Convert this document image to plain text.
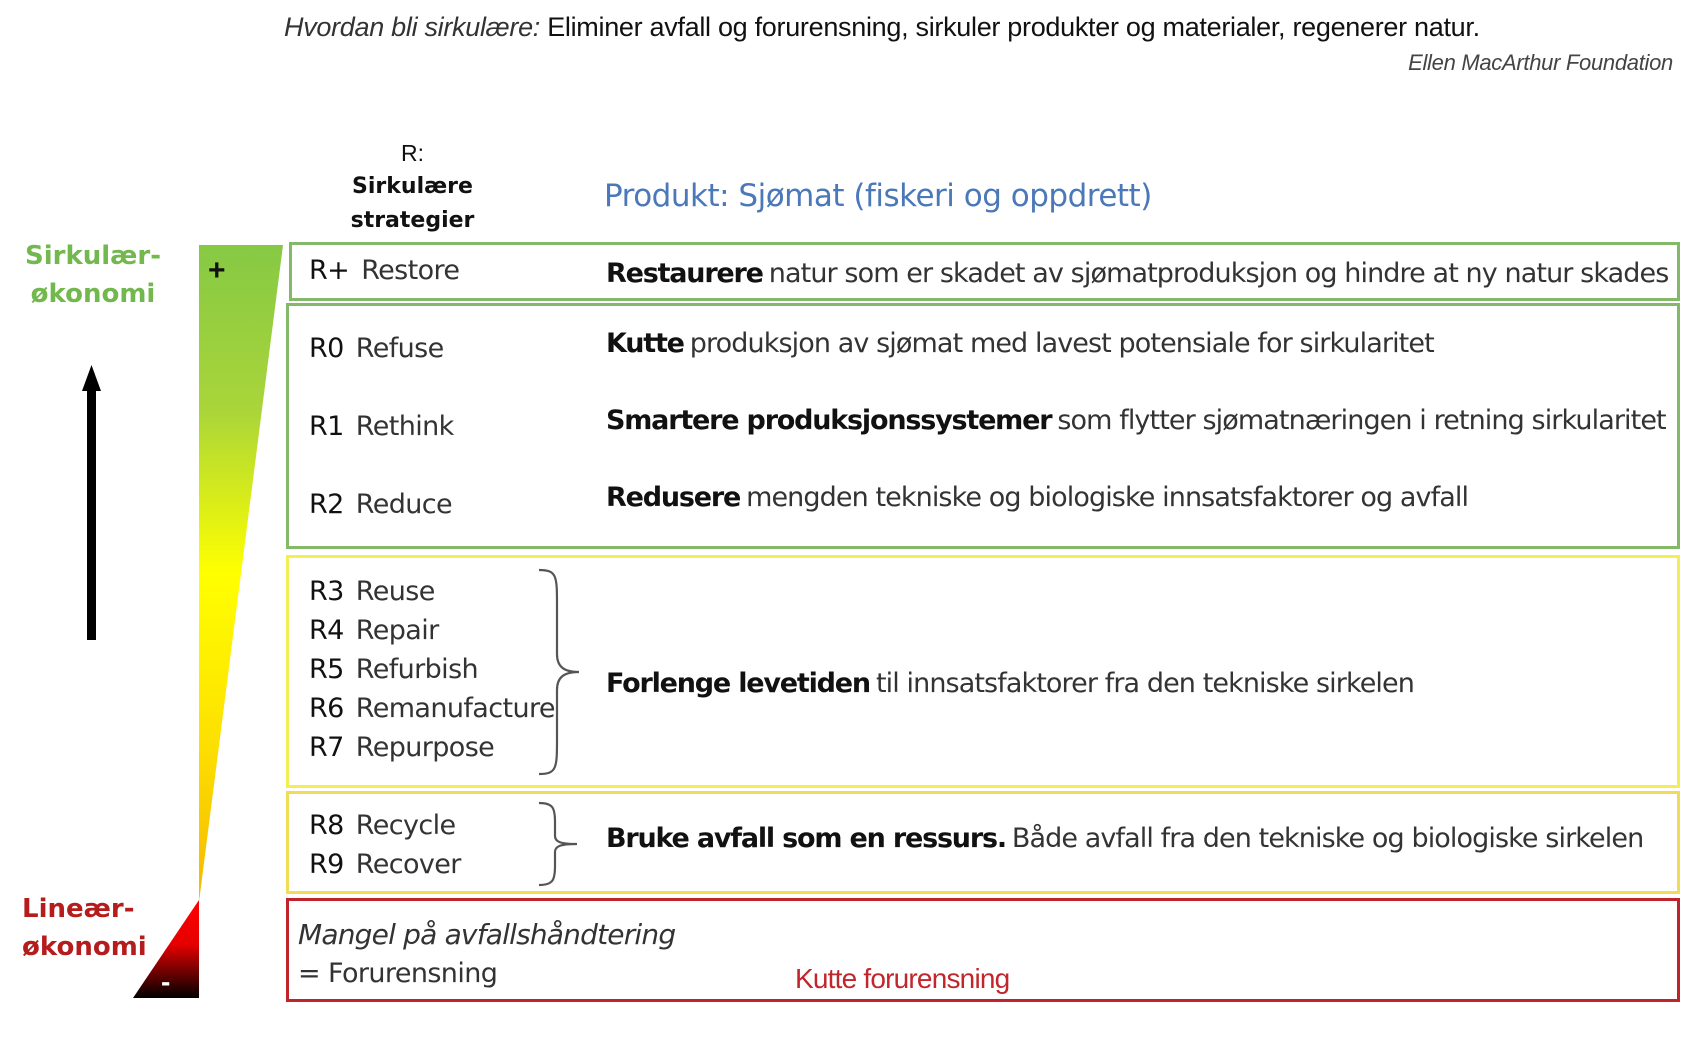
Hvordan bli sirkulære: Eliminer avfall og forurensning, sirkuler produkter og materialer, regenerer natur.
Ellen MacArthur Foundation
R:
Sirkulære
strategier
Produkt: Sjømat (fiskeri og oppdrett)
Sirkulær-
økonomi
Lineær-
økonomi
+
-
R+ Restore	Restaurere natur som er skadet av sjømatproduksjon og hindre at ny natur skades
R0 Refuse	Kutte produksjon av sjømat med lavest potensiale for sirkularitet
R1 Rethink	Smartere produksjonssystemer som flytter sjømatnæringen i retning sirkularitet
R2 Reduce	Redusere mengden tekniske og biologiske innsatsfaktorer og avfall
R3 Reuse
R4 Repair
R5 Refurbish
R6 Remanufacture
R7 Repurpose
Forlenge levetiden til innsatsfaktorer fra den tekniske sirkelen
R8 Recycle
R9 Recover
Bruke avfall som en ressurs. Både avfall fra den tekniske og biologiske sirkelen
Mangel på avfallshåndtering
= Forurensning	Kutte forurensning
